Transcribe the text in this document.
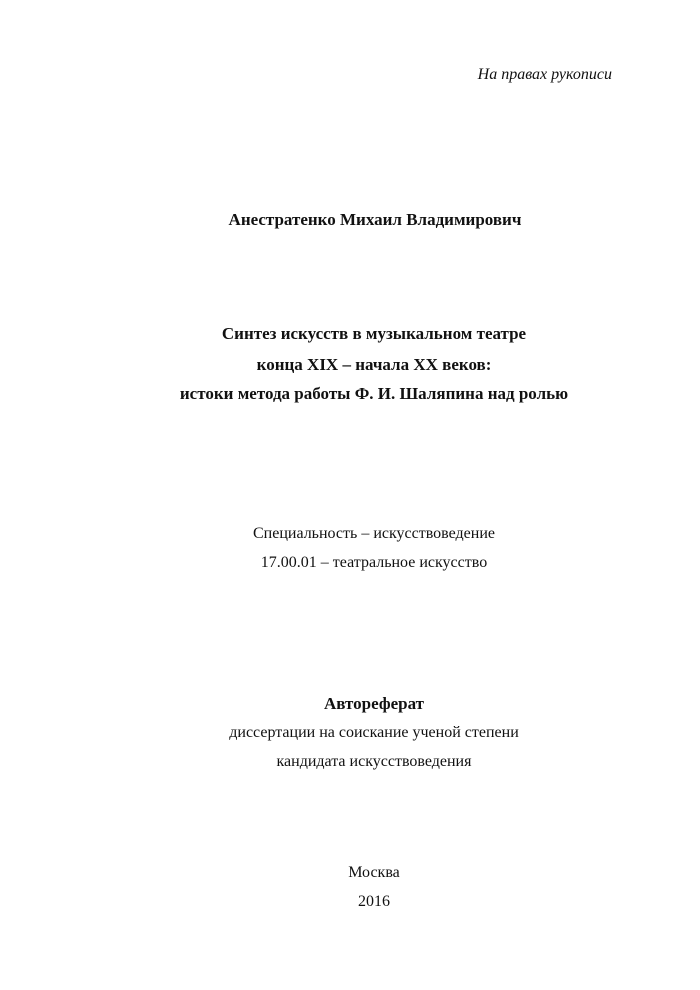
На правах рукописи
Анестратенко Михаил Владимирович
Синтез искусств в музыкальном театре
конца XIX – начала XX веков:
истоки метода работы Ф. И. Шаляпина над ролью
Специальность – искусствоведение
17.00.01 – театральное искусство
Автореферат
диссертации на соискание ученой степени
кандидата искусствоведения
Москва
2016
